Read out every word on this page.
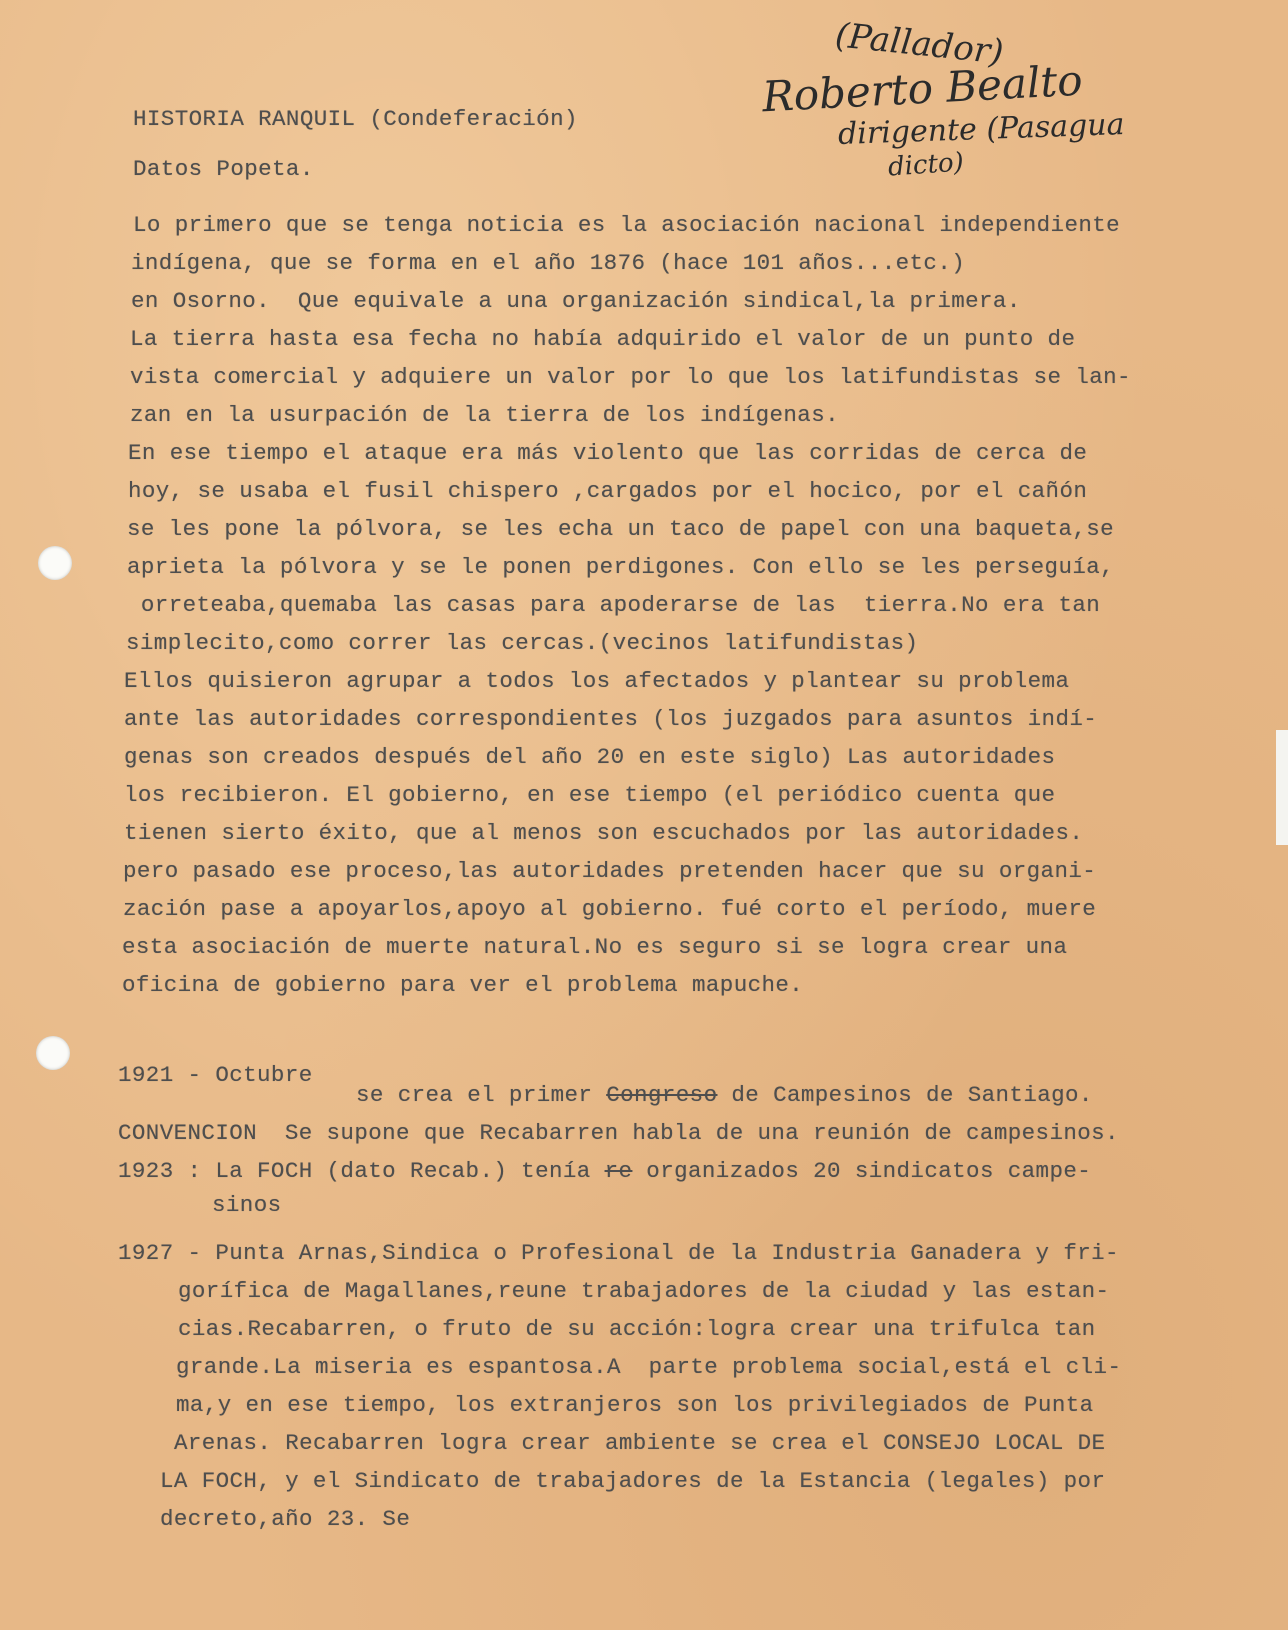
(Pallador)
Roberto Bealto
dirigente (Pasagua
dicto)

HISTORIA RANQUIL (Condeferación)

Datos Popeta.

Lo primero que se tenga noticia es la asociación nacional independiente

indígena, que se forma en el año 1876 (hace 101 años...etc.)

en Osorno.  Que equivale a una organización sindical,la primera.

La tierra hasta esa fecha no había adquirido el valor de un punto de

vista comercial y adquiere un valor por lo que los latifundistas se lan-

zan en la usurpación de la tierra de los indígenas.

En ese tiempo el ataque era más violento que las corridas de cerca de

hoy, se usaba el fusil chispero ,cargados por el hocico, por el cañón

se les pone la pólvora, se les echa un taco de papel con una baqueta,se

aprieta la pólvora y se le ponen perdigones. Con ello se les perseguía,

orreteaba,quemaba las casas para apoderarse de las  tierra.No era tan

simplecito,como correr las cercas.(vecinos latifundistas)

Ellos quisieron agrupar a todos los afectados y plantear su problema

ante las autoridades correspondientes (los juzgados para asuntos indí-

genas son creados después del año 20 en este siglo) Las autoridades

los recibieron. El gobierno, en ese tiempo (el periódico cuenta que

tienen sierto éxito, que al menos son escuchados por las autoridades.

pero pasado ese proceso,las autoridades pretenden hacer que su organi-

zación pase a apoyarlos,apoyo al gobierno. fué corto el período, muere

esta asociación de muerte natural.No es seguro si se logra crear una

oficina de gobierno para ver el problema mapuche.

1921 - Octubre

se crea el primer Congreso de Campesinos de Santiago.

CONVENCION  Se supone que Recabarren habla de una reunión de campesinos.

1923 : La FOCH (dato Recab.) tenía re organizados 20 sindicatos campe-

sinos

1927 - Punta Arnas,Sindica o Profesional de la Industria Ganadera y fri-

gorífica de Magallanes,reune trabajadores de la ciudad y las estan-

cias.Recabarren, o fruto de su acción:logra crear una trifulca tan

grande.La miseria es espantosa.A  parte problema social,está el cli-

ma,y en ese tiempo, los extranjeros son los privilegiados de Punta

Arenas. Recabarren logra crear ambiente se crea el CONSEJO LOCAL DE

LA FOCH, y el Sindicato de trabajadores de la Estancia (legales) por

decreto,año 23. Se
